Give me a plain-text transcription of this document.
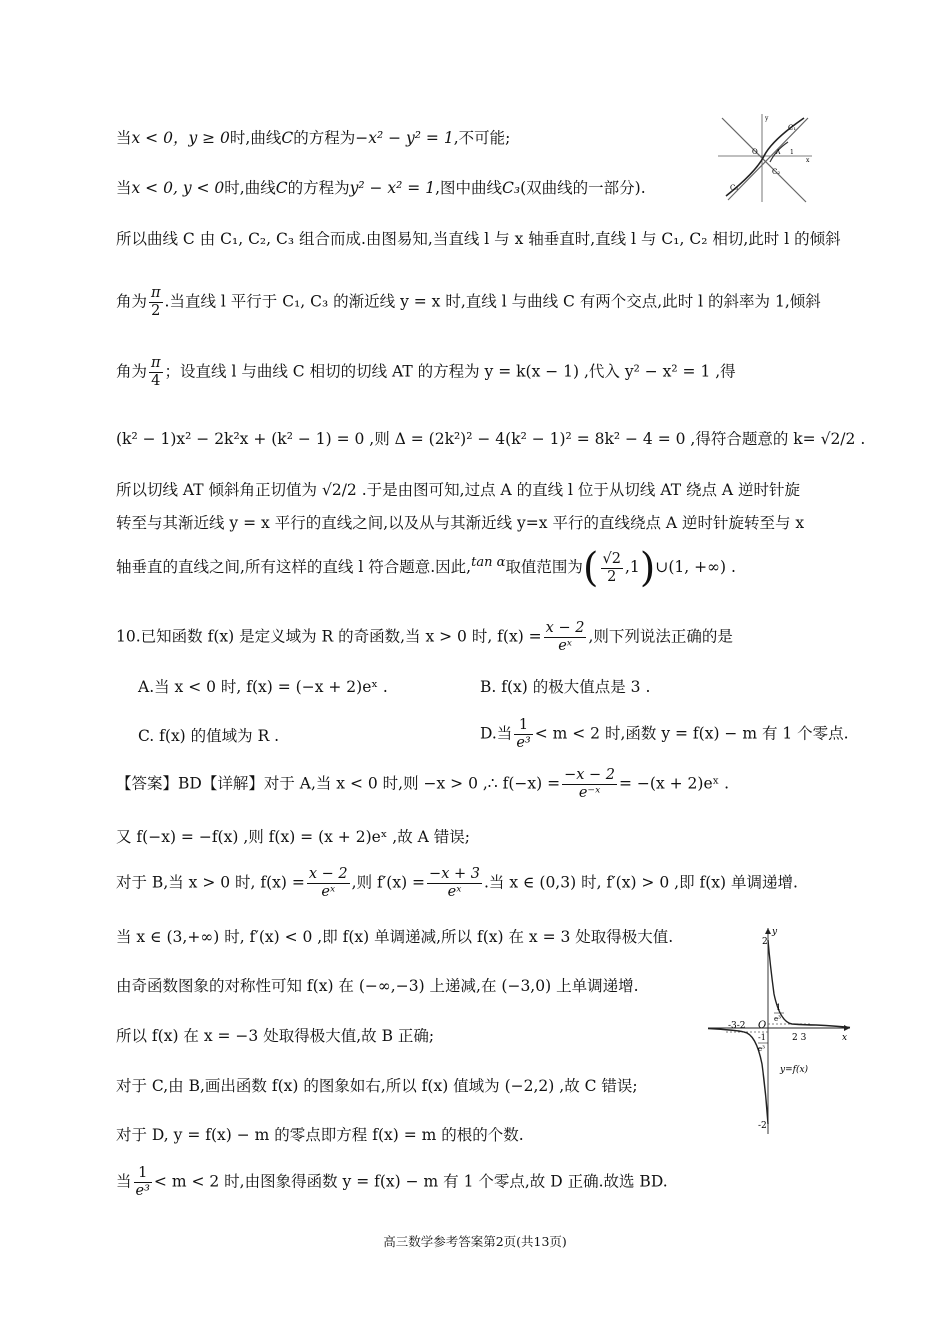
当x < 0，y ≥ 0时,曲线C的方程为−x² − y² = 1,不可能;
当x < 0, y < 0时,曲线C的方程为y² − x² = 1,图中曲线C₃(双曲线的一部分).
O
C₁
C₂
C₃
A 1
x
y
所以曲线 C 由 C₁, C₂, C₃ 组合而成.由图易知,当直线 l 与 x 轴垂直时,直线 l 与 C₁, C₂ 相切,此时 l 的倾斜
角为 $\frac{\pi}{2}$ .当直线 l 平行于 C₁, C₃ 的渐近线 y = x 时,直线 l 与曲线 C 有两个交点,此时 l 的斜率为 1,倾斜
角为 $\frac{\pi}{4}$ ；设直线 l 与曲线 C 相切的切线 AT 的方程为 y = k(x − 1) ,代入 y² − x² = 1 ,得
(k² − 1)x² − 2k²x + (k² − 1) = 0 ,则 Δ = (2k²)² − 4(k² − 1)² = 8k² − 4 = 0 ,得符合题意的 k= √2/2 .
所以切线 AT 倾斜角正切值为 √2/2 .于是由图可知,过点 A 的直线 l 位于从切线 AT 绕点 A 逆时针旋
转至与其渐近线 y = x 平行的直线之间,以及从与其渐近线 y=x 平行的直线绕点 A 逆时针旋转至与 x
轴垂直的直线之间,所有这样的直线 l 符合题意.因此,$^{tan \alpha}$取值范围为( $\frac{√2}{2}$ ,1)∪(1, +∞) .
10.已知函数 f(x) 是定义域为 R 的奇函数,当 x > 0 时, $f(x) = \frac{x - 2}{\text{eˣ}}$ ,则下列说法正确的是
A.当 x < 0 时, f(x) = (−x + 2)eˣ .	B. f(x) 的极大值点是 3 .
C. f(x) 的值域为 R .	D.当 $\frac{1}{\text{e³}} < m < 2$ 时,函数 y = f(x) − m 有 1 个零点.
【答案】BD【详解】对于 A,当 x < 0 时,则 −x > 0 ,∴ $f(-x) = \frac{-x - 2}{\text{e⁻ˣ}} = -(x$ + 2)eˣ .
又 f(−x) = −f(x) ,则 f(x) = (x + 2)eˣ ,故 A 错误;
对于 B,当 x > 0 时, $f(x) = \frac{x - 2}{\text{eˣ}}$ ,则 $f'(x) = \frac{-x + 3}{\text{eˣ}}$ .当 x ∈ (0,3) 时, f′(x) > 0 ,即 f(x) 单调递增.
当 x ∈ (3,+∞) 时, f′(x) < 0 ,即 f(x) 单调递减,所以 f(x) 在 x = 3 处取得极大值.
由奇函数图象的对称性可知 f(x) 在 (−∞,−3) 上递减,在 (−3,0) 上单调递增.
所以 f(x) 在 x = −3 处取得极大值,故 B 正确;
对于 C,由 B,画出函数 f(x) 的图象如右,所以 f(x) 值域为 (−2,2) ,故 C 错误;
对于 D, y = f(x) − m 的零点即方程 f(x) = m 的根的个数.
当 $\frac{1}{\text{e³}} < m < 2$ 时,由图象得函数 y = f(x) − m 有 1 个零点,故 D 正确.故选 BD.
y
x
2
-2
O
-3-2
2 3
1
e³
-1
e³
y=f(x)
高三数学参考答案第2页(共13页)
